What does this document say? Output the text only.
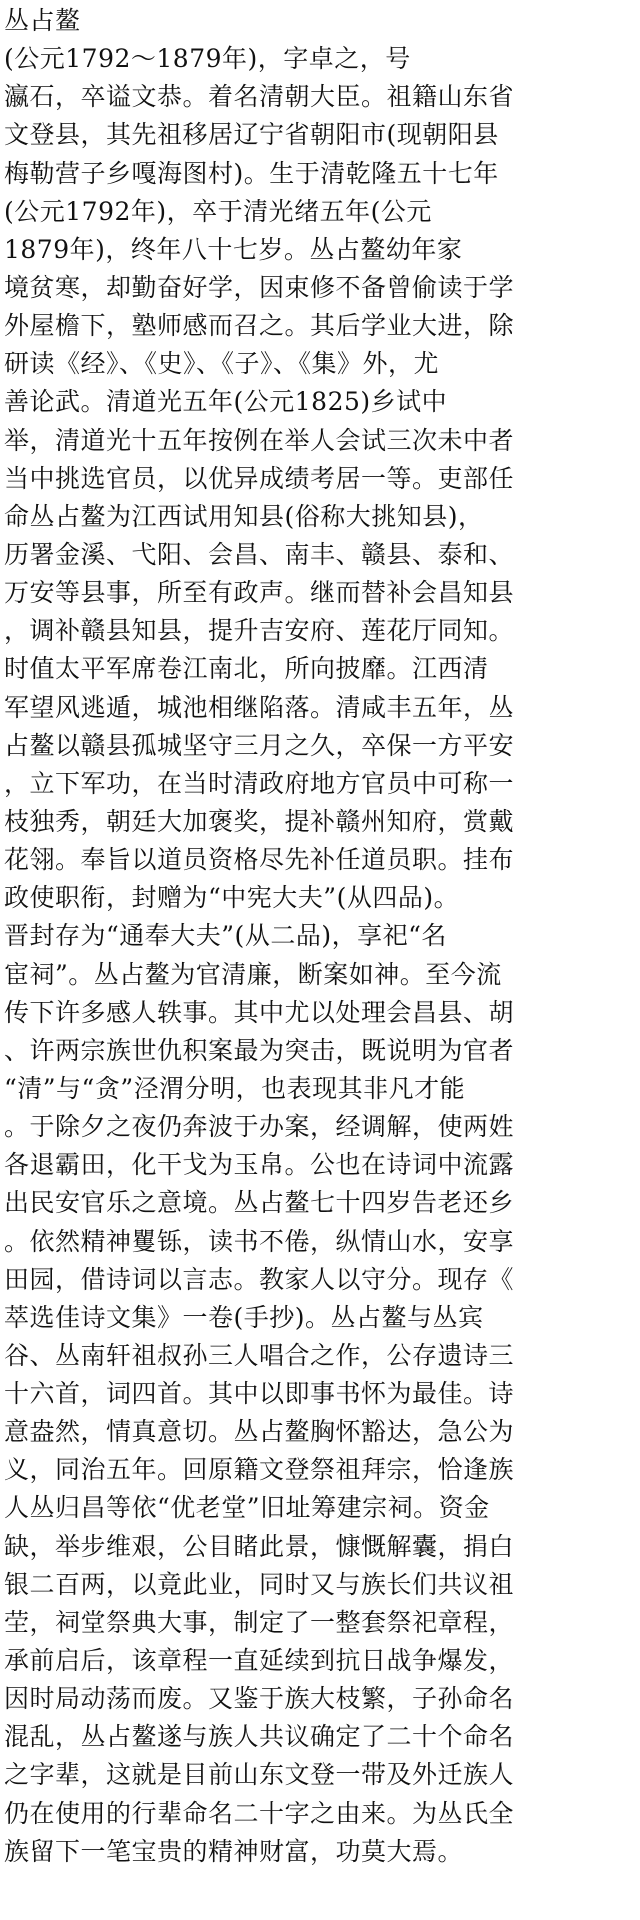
丛占鳌
(公元1792～1879年)，字卓之，号
瀛石，卒谥文恭。着名清朝大臣。祖籍山东省
文登县，其先祖移居辽宁省朝阳市(现朝阳县
梅勒营子乡嘎海图村)。生于清乾隆五十七年
(公元1792年)，卒于清光绪五年(公元
1879年)，终年八十七岁。丛占鳌幼年家
境贫寒，却勤奋好学，因束修不备曾偷读于学
外屋檐下，塾师感而召之。其后学业大进，除
研读《经》、《史》、《子》、《集》外，尤
善论武。清道光五年(公元1825)乡试中
举，清道光十五年按例在举人会试三次未中者
当中挑选官员，以优异成绩考居一等。吏部任
命丛占鳌为江西试用知县(俗称大挑知县)，
历署金溪、弋阳、会昌、南丰、赣县、泰和、
万安等县事，所至有政声。继而替补会昌知县
，调补赣县知县，提升吉安府、莲花厅同知。
时值太平军席卷江南北，所向披靡。江西清
军望风逃遁，城池相继陷落。清咸丰五年，丛
占鳌以赣县孤城坚守三月之久，卒保一方平安
，立下军功，在当时清政府地方官员中可称一
枝独秀，朝廷大加褒奖，提补赣州知府，赏戴
花翎。奉旨以道员资格尽先补任道员职。挂布
政使职衔，封赠为“中宪大夫”(从四品)。
晋封存为“通奉大夫”(从二品)，享祀“名
宦祠”。丛占鳌为官清廉，断案如神。至今流
传下许多感人轶事。其中尤以处理会昌县、胡
、许两宗族世仇积案最为突击，既说明为官者
“清”与“贪”泾渭分明，也表现其非凡才能
。于除夕之夜仍奔波于办案，经调解，使两姓
各退霸田，化干戈为玉帛。公也在诗词中流露
出民安官乐之意境。丛占鳌七十四岁告老还乡
。依然精神矍铄，读书不倦，纵情山水，安享
田园，借诗词以言志。教家人以守分。现存《
萃选佳诗文集》一卷(手抄)。丛占鳌与丛宾
谷、丛南轩祖叔孙三人唱合之作，公存遗诗三
十六首，词四首。其中以即事书怀为最佳。诗
意盎然，情真意切。丛占鳌胸怀豁达，急公为
义，同治五年。回原籍文登祭祖拜宗，恰逢族
人丛归昌等依“优老堂”旧址筹建宗祠。资金
缺，举步维艰，公目睹此景，慷慨解囊，捐白
银二百两，以竟此业，同时又与族长们共议祖
茔，祠堂祭典大事，制定了一整套祭祀章程，
承前启后，该章程一直延续到抗日战争爆发，
因时局动荡而废。又鉴于族大枝繁，子孙命名
混乱，丛占鳌遂与族人共议确定了二十个命名
之字辈，这就是目前山东文登一带及外迁族人
仍在使用的行辈命名二十字之由来。为丛氏全
族留下一笔宝贵的精神财富，功莫大焉。
